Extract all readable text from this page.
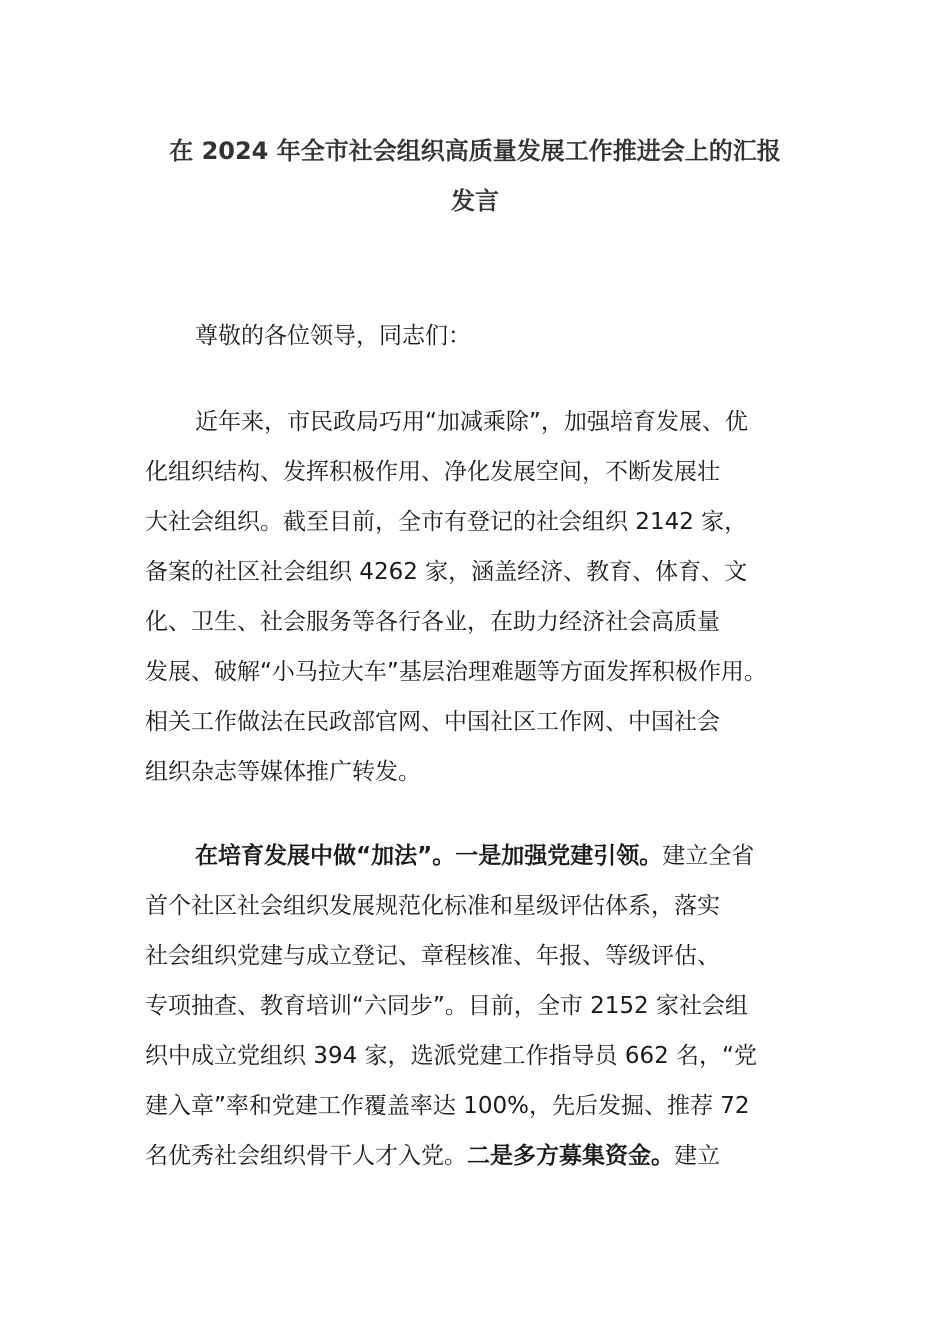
在 2024 年全市社会组织高质量发展工作推进会上的汇报
发言
尊敬的各位领导，同志们：
近年来，市民政局巧用“加减乘除”，加强培育发展、优
化组织结构、发挥积极作用、净化发展空间，不断发展壮
大社会组织。截至目前，全市有登记的社会组织 2142 家，
备案的社区社会组织 4262 家，涵盖经济、教育、体育、文
化、卫生、社会服务等各行各业，在助力经济社会高质量
发展、破解“小马拉大车”基层治理难题等方面发挥积极作用。
相关工作做法在民政部官网、中国社区工作网、中国社会
组织杂志等媒体推广转发。
在培育发展中做“加法”。一是加强党建引领。建立全省
首个社区社会组织发展规范化标准和星级评估体系，落实
社会组织党建与成立登记、章程核准、年报、等级评估、
专项抽查、教育培训“六同步”。目前，全市 2152 家社会组
织中成立党组织 394 家，选派党建工作指导员 662 名，“党
建入章”率和党建工作覆盖率达 100%，先后发掘、推荐 72
名优秀社会组织骨干人才入党。二是多方募集资金。建立
